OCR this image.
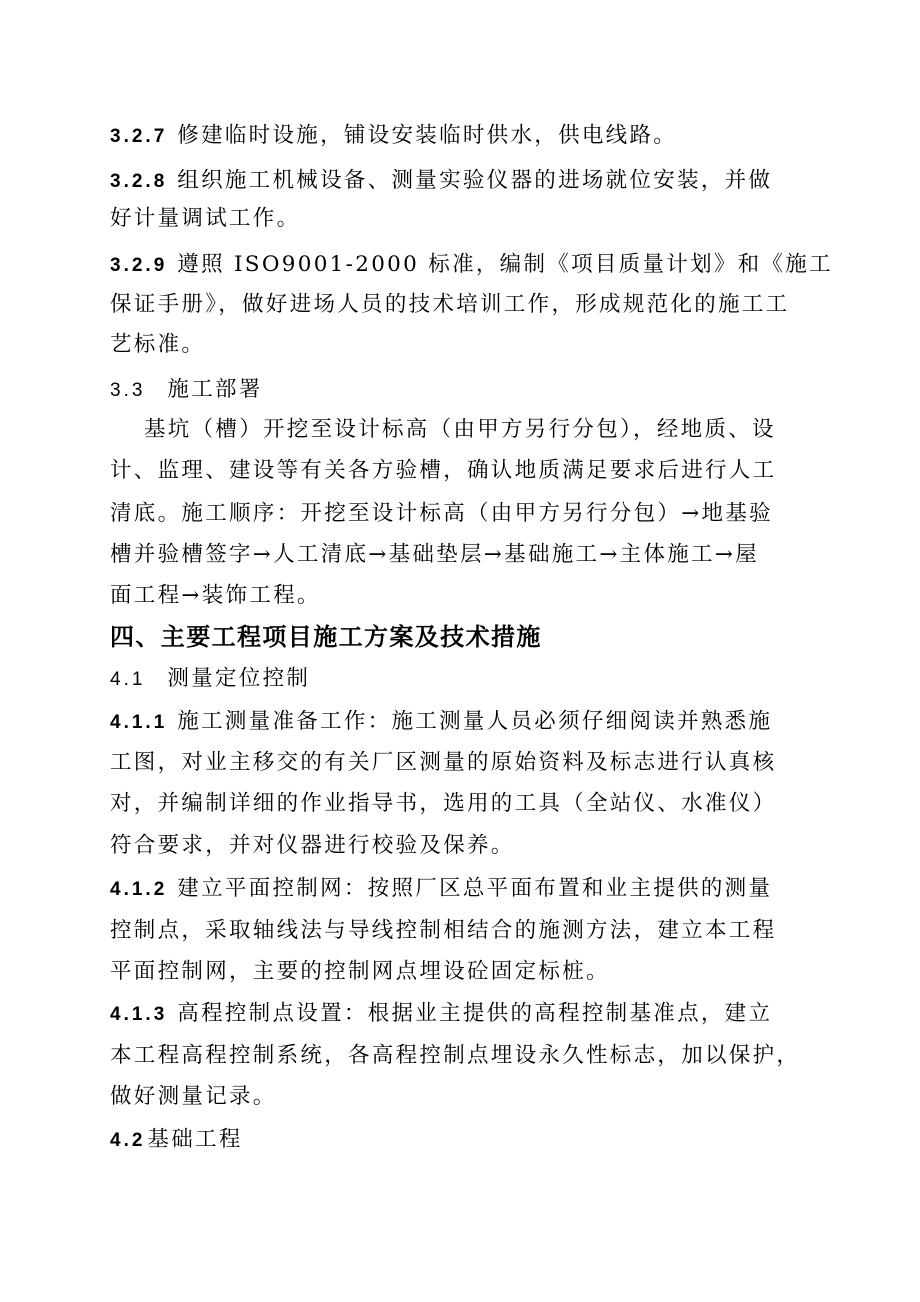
3.2.7 修建临时设施，铺设安装临时供水，供电线路。
3.2.8 组织施工机械设备、测量实验仪器的进场就位安装，并做
好计量调试工作。
3.2.9 遵照 ISO9001-2000 标准，编制《项目质量计划》和《施工
保证手册》，做好进场人员的技术培训工作，形成规范化的施工工
艺标准。
3.3 施工部署
基坑（槽）开挖至设计标高（由甲方另行分包），经地质、设
计、监理、建设等有关各方验槽，确认地质满足要求后进行人工
清底。施工顺序：开挖至设计标高（由甲方另行分包）→地基验
槽并验槽签字→人工清底→基础垫层→基础施工→主体施工→屋
面工程→装饰工程。
四、主要工程项目施工方案及技术措施
4.1 测量定位控制
4.1.1 施工测量准备工作：施工测量人员必须仔细阅读并熟悉施
工图，对业主移交的有关厂区测量的原始资料及标志进行认真核
对，并编制详细的作业指导书，选用的工具（全站仪、水准仪）
符合要求，并对仪器进行校验及保养。
4.1.2 建立平面控制网：按照厂区总平面布置和业主提供的测量
控制点，采取轴线法与导线控制相结合的施测方法，建立本工程
平面控制网，主要的控制网点埋设砼固定标桩。
4.1.3 高程控制点设置：根据业主提供的高程控制基准点，建立
本工程高程控制系统，各高程控制点埋设永久性标志，加以保护，
做好测量记录。
4.2基础工程
